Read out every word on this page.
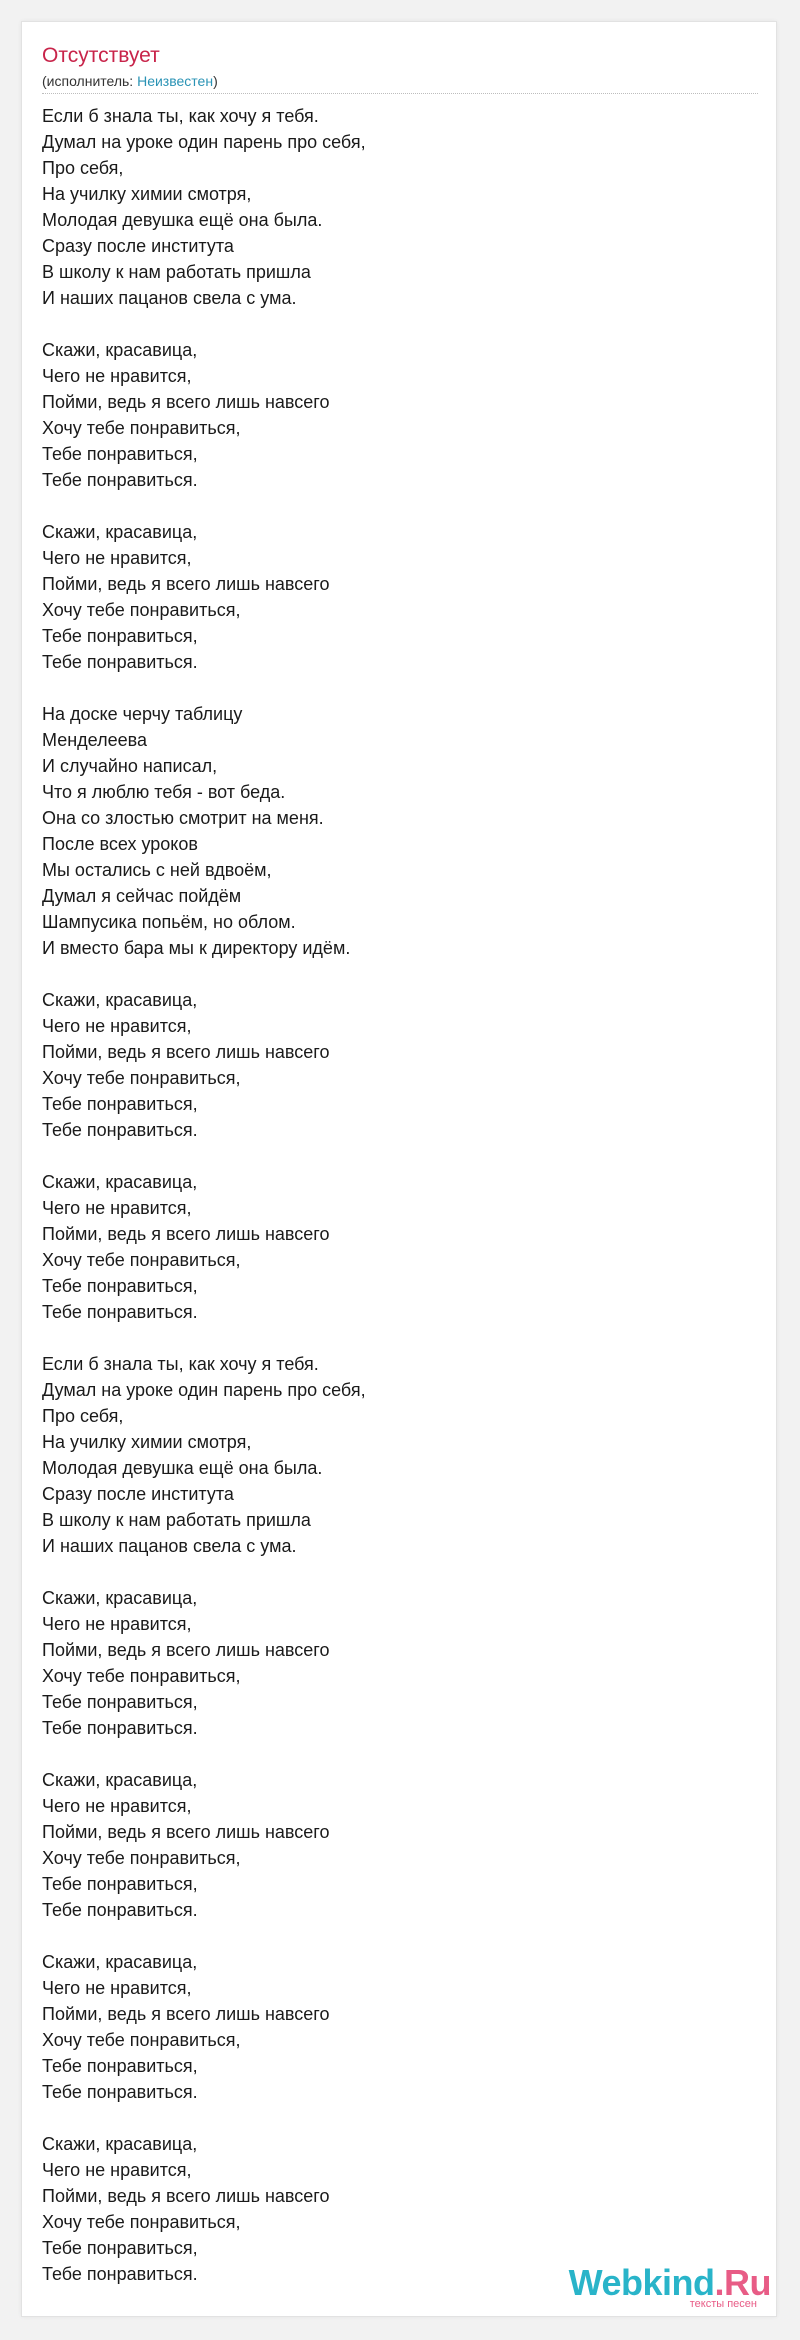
Отсутствует
(исполнитель: Неизвестен)
Если б знала ты, как хочу я тебя.
Думал на уроке один парень про себя,
Про себя,
На училку химии смотря,
Молодая девушка ещё она была.
Сразу после института
В школу к нам работать пришла
И наших пацанов свела с ума.
Скажи, красавица,
Чего не нравится,
Пойми, ведь я всего лишь навсего
Хочу тебе понравиться,
Тебе понравиться,
Тебе понравиться.
Скажи, красавица,
Чего не нравится,
Пойми, ведь я всего лишь навсего
Хочу тебе понравиться,
Тебе понравиться,
Тебе понравиться.
На доске черчу таблицу
Менделеева
И случайно написал,
Что я люблю тебя - вот беда.
Она со злостью смотрит на меня.
После всех уроков
Мы остались с ней вдвоём,
Думал я сейчас пойдём
Шампусика попьём, но облом.
И вместо бара мы к директору идём.
Скажи, красавица,
Чего не нравится,
Пойми, ведь я всего лишь навсего
Хочу тебе понравиться,
Тебе понравиться,
Тебе понравиться.
Скажи, красавица,
Чего не нравится,
Пойми, ведь я всего лишь навсего
Хочу тебе понравиться,
Тебе понравиться,
Тебе понравиться.
Если б знала ты, как хочу я тебя.
Думал на уроке один парень про себя,
Про себя,
На училку химии смотря,
Молодая девушка ещё она была.
Сразу после института
В школу к нам работать пришла
И наших пацанов свела с ума.
Скажи, красавица,
Чего не нравится,
Пойми, ведь я всего лишь навсего
Хочу тебе понравиться,
Тебе понравиться,
Тебе понравиться.
Скажи, красавица,
Чего не нравится,
Пойми, ведь я всего лишь навсего
Хочу тебе понравиться,
Тебе понравиться,
Тебе понравиться.
Скажи, красавица,
Чего не нравится,
Пойми, ведь я всего лишь навсего
Хочу тебе понравиться,
Тебе понравиться,
Тебе понравиться.
Скажи, красавица,
Чего не нравится,
Пойми, ведь я всего лишь навсего
Хочу тебе понравиться,
Тебе понравиться,
Тебе понравиться.	Webkind.Ru
тексты песен
